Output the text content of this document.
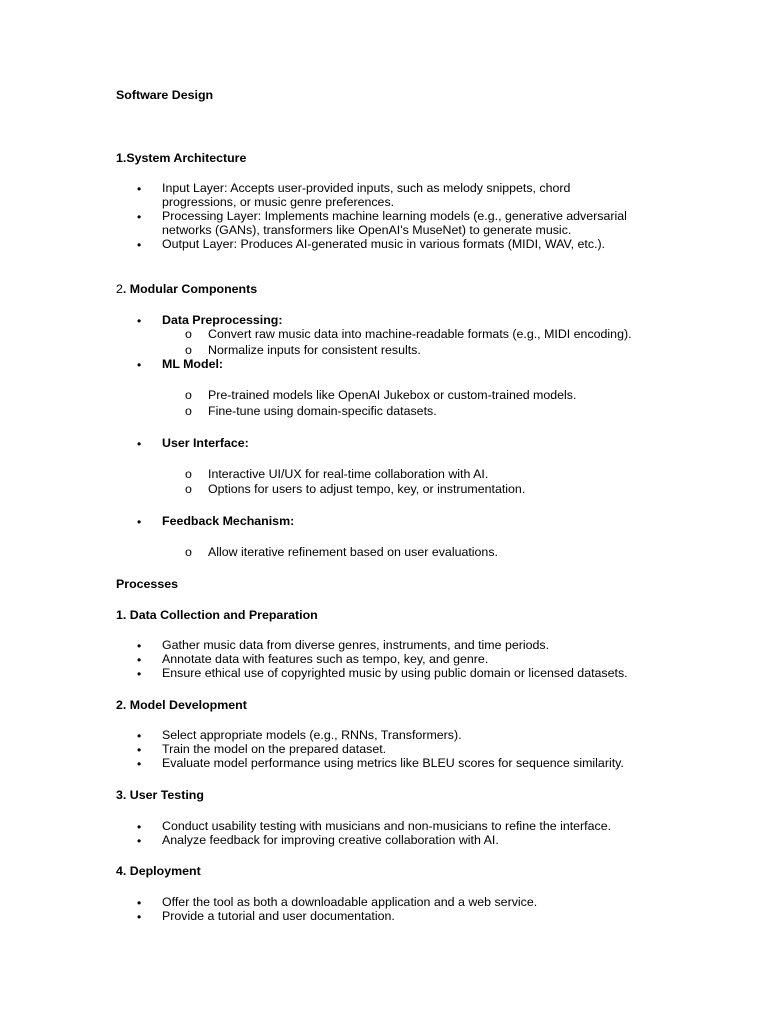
Software Design
1.System Architecture
• Input Layer: Accepts user-provided inputs, such as melody snippets, chord
progressions, or music genre preferences.
• Processing Layer: Implements machine learning models (e.g., generative adversarial
networks (GANs), transformers like OpenAI's MuseNet) to generate music.
• Output Layer: Produces AI-generated music in various formats (MIDI, WAV, etc.).
2. Modular Components
• Data Preprocessing:
o Convert raw music data into machine-readable formats (e.g., MIDI encoding).
o Normalize inputs for consistent results.
• ML Model:
o Pre-trained models like OpenAI Jukebox or custom-trained models.
o Fine-tune using domain-specific datasets.
• User Interface:
o Interactive UI/UX for real-time collaboration with AI.
o Options for users to adjust tempo, key, or instrumentation.
• Feedback Mechanism:
o Allow iterative refinement based on user evaluations.
Processes
1. Data Collection and Preparation
• Gather music data from diverse genres, instruments, and time periods.
• Annotate data with features such as tempo, key, and genre.
• Ensure ethical use of copyrighted music by using public domain or licensed datasets.
2. Model Development
• Select appropriate models (e.g., RNNs, Transformers).
• Train the model on the prepared dataset.
• Evaluate model performance using metrics like BLEU scores for sequence similarity.
3. User Testing
• Conduct usability testing with musicians and non-musicians to refine the interface.
• Analyze feedback for improving creative collaboration with AI.
4. Deployment
• Offer the tool as both a downloadable application and a web service.
• Provide a tutorial and user documentation.
